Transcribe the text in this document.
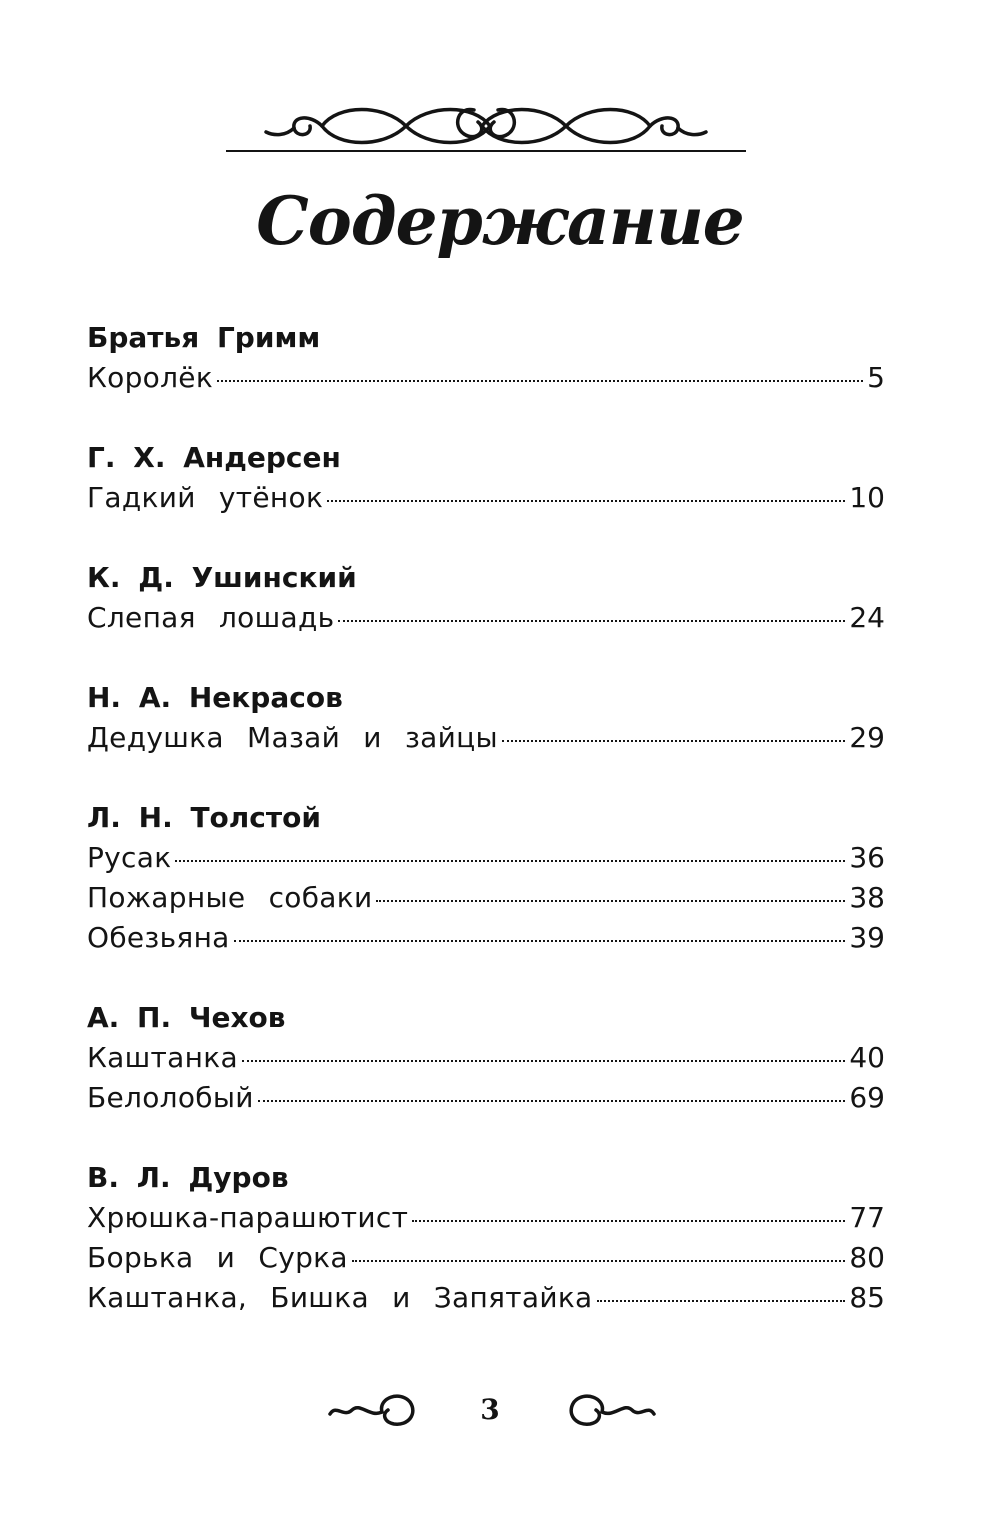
Содержание
Братья Гримм
Королёк	5
Г. Х. Андерсен
Гадкий утёнок	10
К. Д. Ушинский
Слепая лошадь	24
Н. А. Некрасов
Дедушка Мазай и зайцы	29
Л. Н. Толстой
Русак	36
Пожарные собаки	38
Обезьяна	39
А. П. Чехов
Каштанка	40
Белолобый	69
В. Л. Дуров
Хрюшка-парашютист	77
Борька и Сурка	80
Каштанка, Бишка и Запятайка	85
3
